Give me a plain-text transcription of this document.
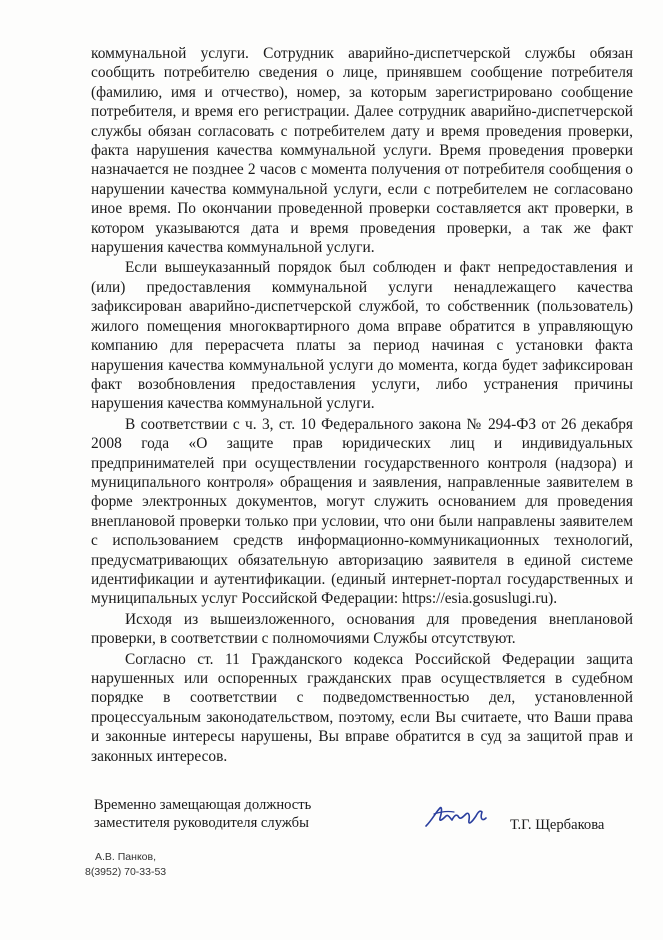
коммунальной услуги. Сотрудник аварийно-диспетчерской службы обязан сообщить потребителю сведения о лице, принявшем сообщение потребителя (фамилию, имя и отчество), номер, за которым зарегистрировано сообщение потребителя, и время его регистрации. Далее сотрудник аварийно-диспетчерской службы обязан согласовать с потребителем дату и время проведения проверки, факта нарушения качества коммунальной услуги. Время проведения проверки назначается не позднее 2 часов с момента получения от потребителя сообщения о нарушении качества коммунальной услуги, если с потребителем не согласовано иное время. По окончании проведенной проверки составляется акт проверки, в котором указываются дата и время проведения проверки, а так же факт нарушения качества коммунальной услуги.

Если вышеуказанный порядок был соблюден и факт непредоставления и (или) предоставления коммунальной услуги ненадлежащего качества зафиксирован аварийно-диспетчерской службой, то собственник (пользователь) жилого помещения многоквартирного дома вправе обратится в управляющую компанию для перерасчета платы за период начиная с установки факта нарушения качества коммунальной услуги до момента, когда будет зафиксирован факт возобновления предоставления услуги, либо устранения причины нарушения качества коммунальной услуги.

В соответствии с ч. 3, ст. 10 Федерального закона № 294-ФЗ от 26 декабря 2008 года «О защите прав юридических лиц и индивидуальных предпринимателей при осуществлении государственного контроля (надзора) и муниципального контроля» обращения и заявления, направленные заявителем в форме электронных документов, могут служить основанием для проведения внеплановой проверки только при условии, что они были направлены заявителем с использованием средств информационно-коммуникационных технологий, предусматривающих обязательную авторизацию заявителя в единой системе идентификации и аутентификации. (единый интернет-портал государственных и муниципальных услуг Российской Федерации: https://esia.gosuslugi.ru).

Исходя из вышеизложенного, основания для проведения внеплановой проверки, в соответствии с полномочиями Службы отсутствуют.

Согласно ст. 11 Гражданского кодекса Российской Федерации защита нарушенных или оспоренных гражданских прав осуществляется в судебном порядке в соответствии с подведомственностью дел, установленной процессуальным законодательством, поэтому, если Вы считаете, что Ваши права и законные интересы нарушены, Вы вправе обратится в суд за защитой прав и законных интересов.

Временно замещающая должность
заместителя руководителя службы	Т.Г. Щербакова
А.В. Панков,
8(3952) 70-33-53
